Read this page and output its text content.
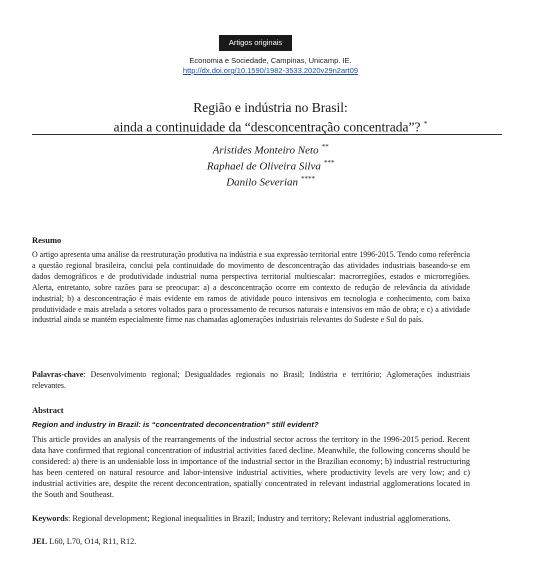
Artigos originais
Economia e Sociedade, Campinas, Unicamp. IE.
http://dx.doi.org/10.1590/1982-3533.2020v29n2art09
Região e indústria no Brasil:
ainda a continuidade da “desconcentração concentrada”? *
Aristides Monteiro Neto **
Raphael de Oliveira Silva ***
Danilo Severian ****
Resumo
O artigo apresenta uma análise da reestruturação produtiva na indústria e sua expressão territorial entre 1996-2015. Tendo como referência a questão regional brasileira, conclui pela continuidade do movimento de desconcentração das atividades industriais baseando-se em dados demográficos e de produtividade industrial numa perspectiva territorial multiescalar: macrorregiões, estados e microrregiões. Alerta, entretanto, sobre razões para se preocupar: a) a desconcentração ocorre em contexto de redução de relevância da atividade industrial; b) a desconcentração é mais evidente em ramos de atividade pouco intensivos em tecnologia e conhecimento, com baixa produtividade e mais atrelada a setores voltados para o processamento de recursos naturais e intensivos em mão de obra; e c) a atividade industrial ainda se mantém especialmente firme nas chamadas aglomerações industriais relevantes do Sudeste e Sul do país.
Palavras-chave: Desenvolvimento regional; Desigualdades regionais no Brasil; Indústria e território; Aglomerações industriais relevantes.
Abstract
Region and industry in Brazil: is “concentrated deconcentration” still evident?
This article provides an analysis of the rearrangements of the industrial sector across the territory in the 1996-2015 period. Recent data have confirmed that regional concentration of industrial activities faced decline. Meanwhile, the following concerns should be considered: a) there is an undeniable loss in importance of the industrial sector in the Brazilian economy; b) industrial restructuring has been centered on natural resource and labor-intensive industrial activities, where productivity levels are very low; and c) industrial activities are, despite the recent deconcentration, spatially concentrated in relevant industrial agglomerations located in the South and Southeast.
Keywords: Regional development; Regional inequalities in Brazil; Industry and territory; Relevant industrial agglomerations.
JEL L60, L70, O14, R11, R12.
